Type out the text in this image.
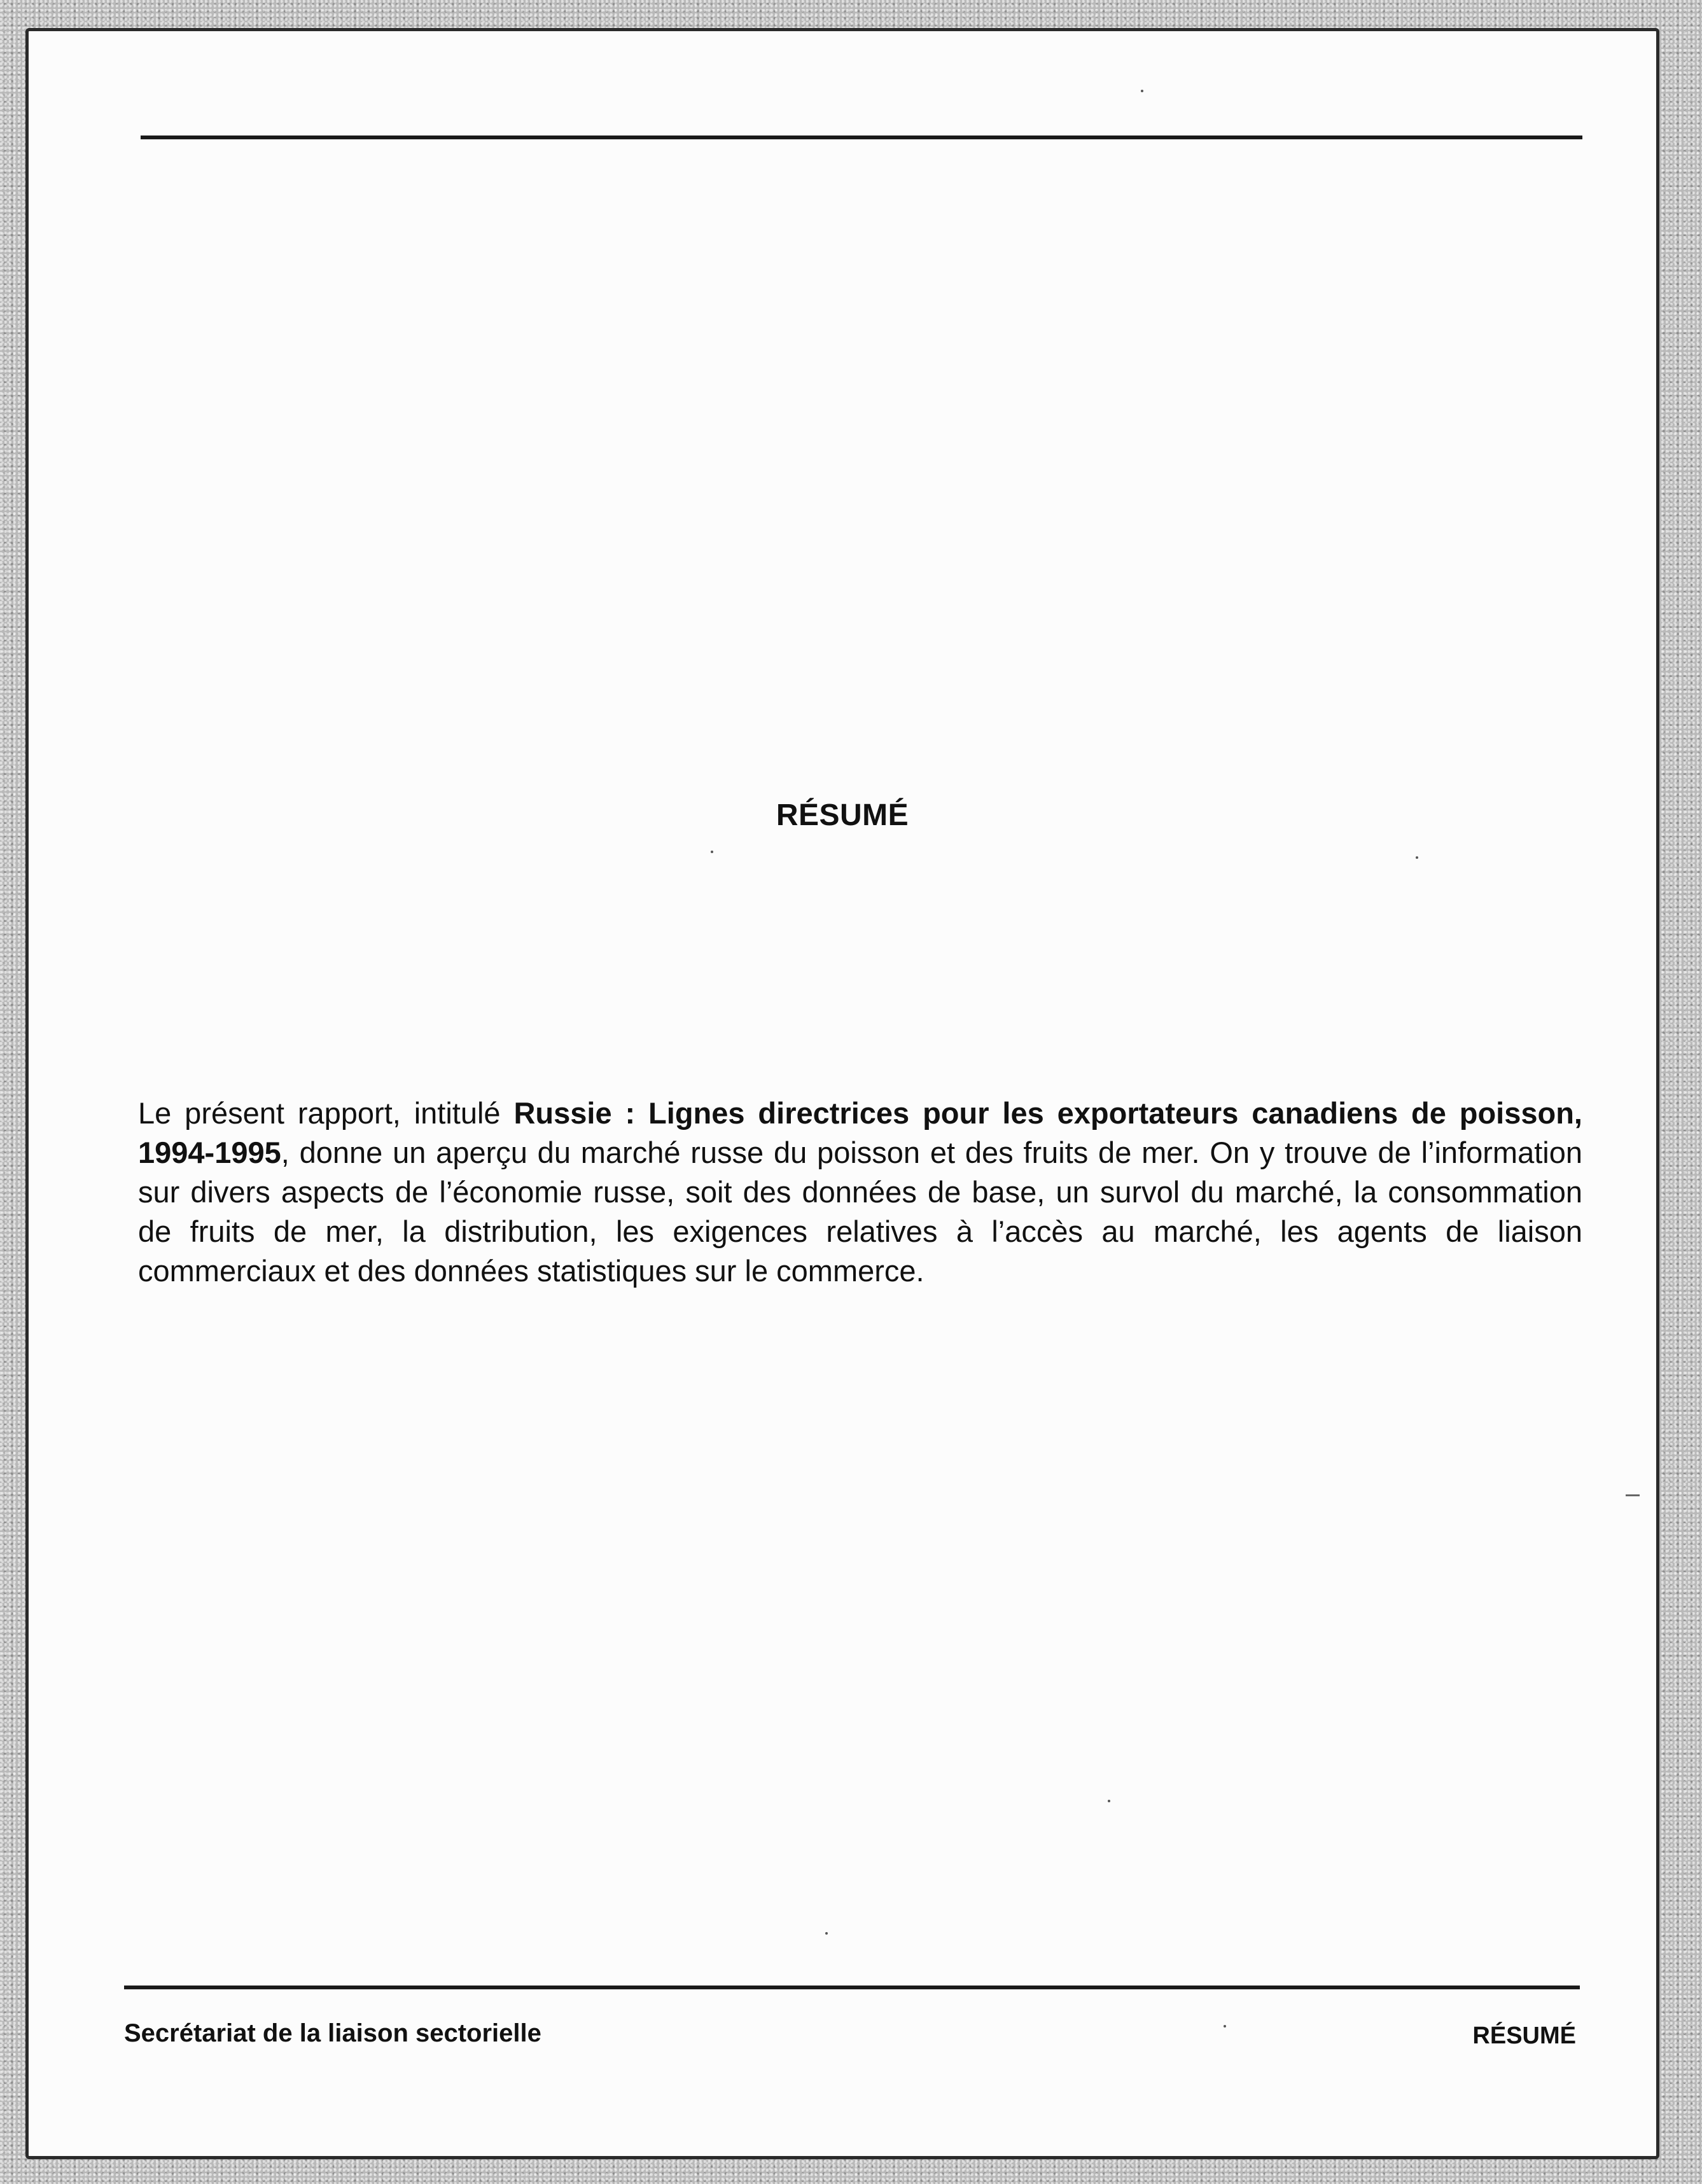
RÉSUMÉ

Le présent rapport, intitulé Russie : Lignes directrices pour les exportateurs canadiens de poisson, 1994-1995, donne un aperçu du marché russe du poisson et des fruits de mer. On y trouve de l’information sur divers aspects de l’économie russe, soit des données de base, un survol du marché, la consommation de fruits de mer, la distribution, les exigences relatives à l’accès au marché, les agents de liaison commerciaux et des données statistiques sur le commerce.

Secrétariat de la liaison sectorielle	RÉSUMÉ
